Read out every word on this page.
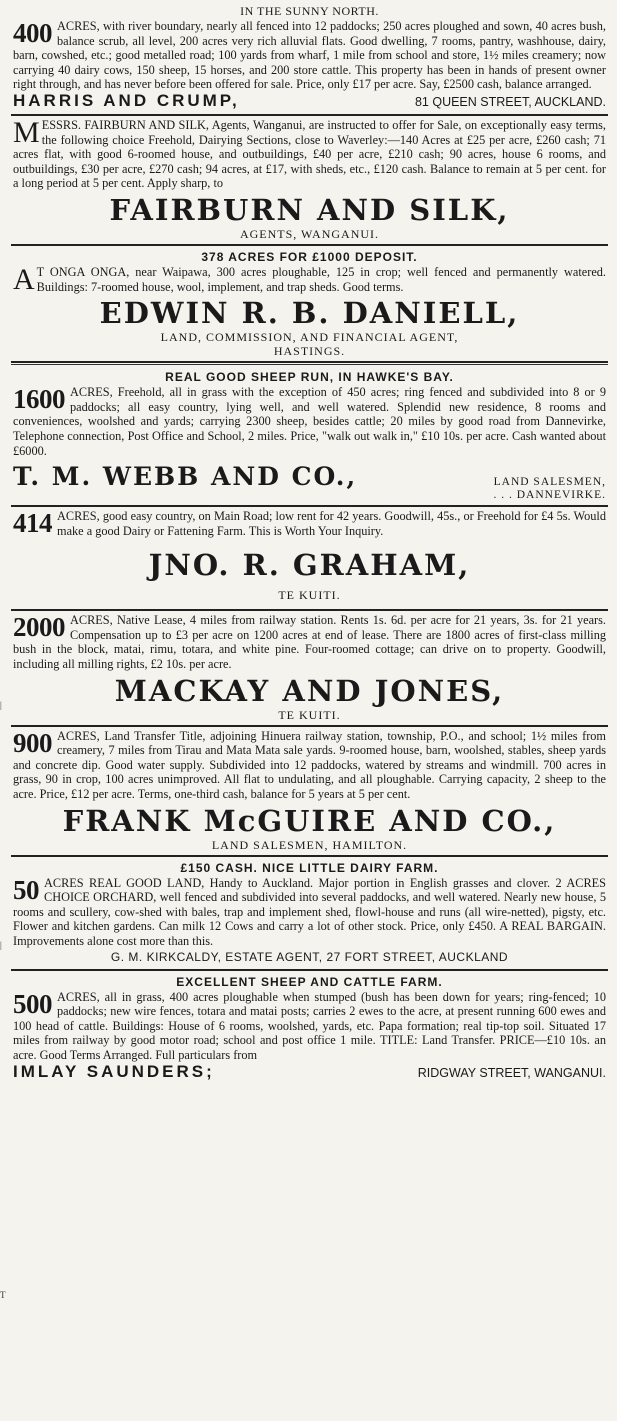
|
|
T
IN THE SUNNY NORTH.
400 ACRES, with river boundary, nearly all fenced into 12 paddocks; 250 acres ploughed and sown, 40 acres bush, balance scrub, all level, 200 acres very rich alluvial flats. Good dwelling, 7 rooms, pantry, washhouse, dairy, barn, cowshed, etc.; good metalled road; 100 yards from wharf, 1 mile from school and store, 1½ miles creamery; now carrying 40 dairy cows, 150 sheep, 15 horses, and 200 store cattle. This property has been in hands of present owner right through, and has never before been offered for sale. Price, only £17 per acre. Say, £2500 cash, balance arranged.
HARRIS AND CRUMP,	81 QUEEN STREET, AUCKLAND.
MESSRS. FAIRBURN AND SILK, Agents, Wanganui, are instructed to offer for Sale, on exceptionally easy terms, the following choice Freehold, Dairying Sections, close to Waverley:—140 Acres at £25 per acre, £260 cash; 71 acres flat, with good 6-roomed house, and outbuildings, £40 per acre, £210 cash; 90 acres, house 6 rooms, and outbuildings, £30 per acre, £270 cash; 94 acres, at £17, with sheds, etc., £120 cash. Balance to remain at 5 per cent. for a long period at 5 per cent. Apply sharp, to
FAIRBURN AND SILK,
AGENTS, WANGANUI.
378 ACRES FOR £1000 DEPOSIT.
A T ONGA ONGA, near Waipawa, 300 acres ploughable, 125 in crop; well fenced and permanently watered. Buildings: 7-roomed house, wool, implement, and trap sheds. Good terms.
EDWIN R. B. DANIELL,
LAND, COMMISSION, AND FINANCIAL AGENT,
HASTINGS.
REAL GOOD SHEEP RUN, IN HAWKE'S BAY.
1600 ACRES, Freehold, all in grass with the exception of 450 acres; ring fenced and subdivided into 8 or 9 paddocks; all easy country, lying well, and well watered. Splendid new residence, 8 rooms and conveniences, woolshed and yards; carrying 2300 sheep, besides cattle; 20 miles by good road from Dannevirke, Telephone connection, Post Office and School, 2 miles. Price, "walk out walk in," £10 10s. per acre. Cash wanted about £6000.
T. M. WEBB AND CO.,	LAND SALESMEN,
. . . DANNEVIRKE.
414 ACRES, good easy country, on Main Road; low rent for 42 years. Goodwill, 45s., or Freehold for £4 5s. Would make a good Dairy or Fattening Farm. This is Worth Your Inquiry.
JNO. R. GRAHAM,
TE KUITI.
2000 ACRES, Native Lease, 4 miles from railway station. Rents 1s. 6d. per acre for 21 years, 3s. for 21 years. Compensation up to £3 per acre on 1200 acres at end of lease. There are 1800 acres of first-class milling bush in the block, matai, rimu, totara, and white pine. Four-roomed cottage; can drive on to property. Goodwill, including all milling rights, £2 10s. per acre.
MACKAY AND JONES,
TE KUITI.
900 ACRES, Land Transfer Title, adjoining Hinuera railway station, township, P.O., and school; 1½ miles from creamery, 7 miles from Tirau and Mata Mata sale yards. 9-roomed house, barn, woolshed, stables, sheep yards and concrete dip. Good water supply. Subdivided into 12 paddocks, watered by streams and windmill. 700 acres in grass, 90 in crop, 100 acres unimproved. All flat to undulating, and all ploughable. Carrying capacity, 2 sheep to the acre. Price, £12 per acre. Terms, one-third cash, balance for 5 years at 5 per cent.
FRANK McGUIRE AND CO.,
LAND SALESMEN, HAMILTON.
£150 CASH. NICE LITTLE DAIRY FARM.
50 ACRES REAL GOOD LAND, Handy to Auckland. Major portion in English grasses and clover. 2 ACRES CHOICE ORCHARD, well fenced and subdivided into several paddocks, and well watered. Nearly new house, 5 rooms and scullery, cow-shed with bales, trap and implement shed, flowl-house and runs (all wire-netted), pigsty, etc. Flower and kitchen gardens. Can milk 12 Cows and carry a lot of other stock. Price, only £450. A REAL BARGAIN. Improvements alone cost more than this.
G. M. KIRKCALDY, ESTATE AGENT, 27 FORT STREET, AUCKLAND
EXCELLENT SHEEP AND CATTLE FARM.
500 ACRES, all in grass, 400 acres ploughable when stumped (bush has been down for years; ring-fenced; 10 paddocks; new wire fences, totara and matai posts; carries 2 ewes to the acre, at present running 600 ewes and 100 head of cattle. Buildings: House of 6 rooms, woolshed, yards, etc. Papa formation; real tip-top soil. Situated 17 miles from railway by good motor road; school and post office 1 mile. TITLE: Land Transfer. PRICE—£10 10s. an acre. Good Terms Arranged. Full particulars from
IMLAY SAUNDERS;	RIDGWAY STREET, WANGANUI.
